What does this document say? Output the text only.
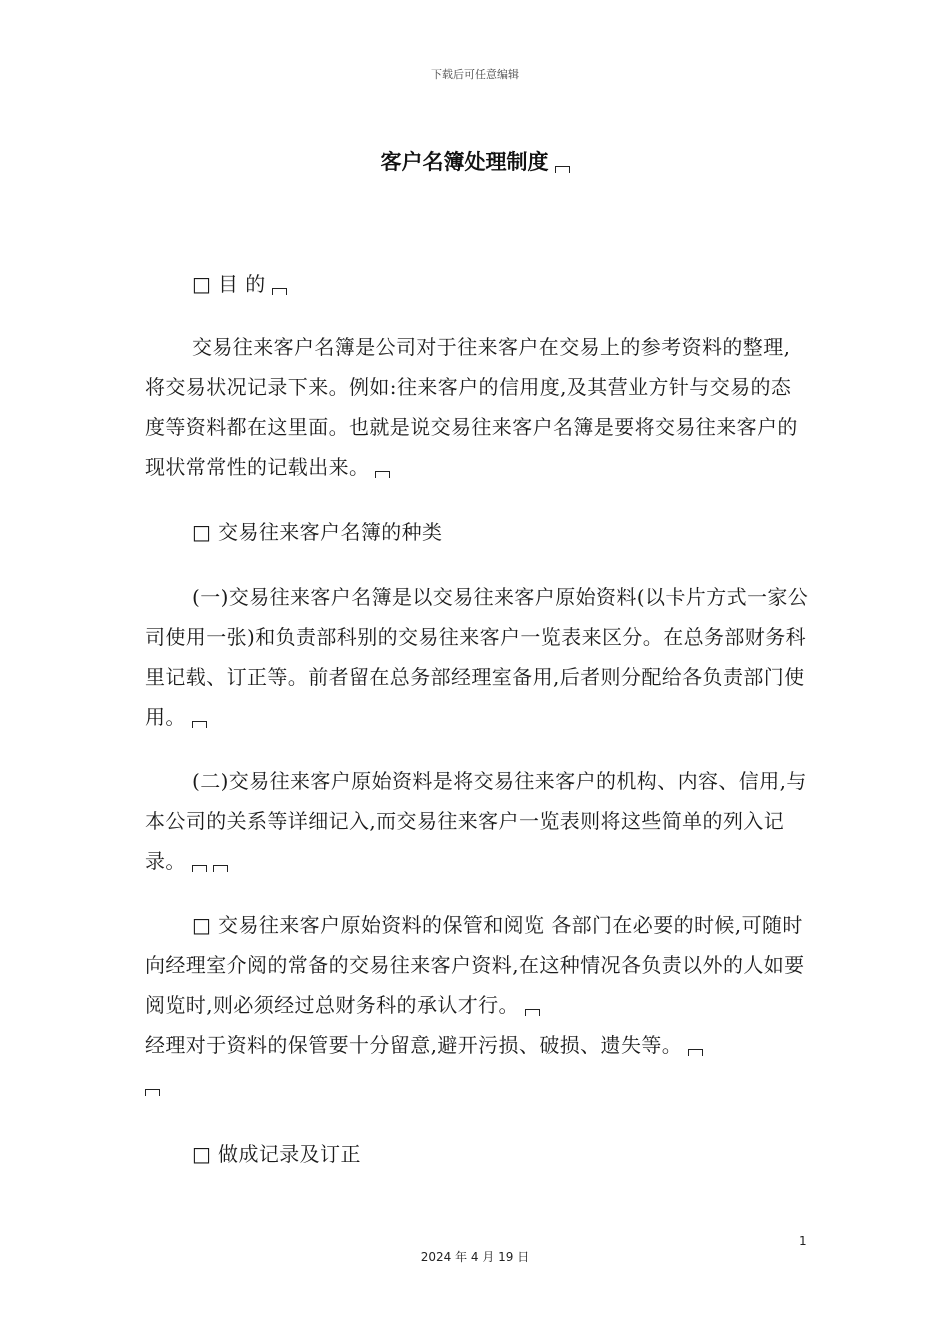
下载后可任意编辑
客户名簿处理制度

□ 目 的

交易往来客户名簿是公司对于往来客户在交易上的参考资料的整理,将交易状况记录下来。例如:往来客户的信用度,及其营业方针与交易的态度等资料都在这里面。也就是说交易往来客户名簿是要将交易往来客户的现状常常性的记载出来。

□ 交易往来客户名簿的种类

(一)交易往来客户名簿是以交易往来客户原始资料(以卡片方式一家公司使用一张)和负责部科别的交易往来客户一览表来区分。在总务部财务科里记载、订正等。前者留在总务部经理室备用,后者则分配给各负责部门使用。

(二)交易往来客户原始资料是将交易往来客户的机构、内容、信用,与本公司的关系等详细记入,而交易往来客户一览表则将这些简单的列入记录。

□ 交易往来客户原始资料的保管和阅览 各部门在必要的时候,可随时向经理室介阅的常备的交易往来客户资料,在这种情况各负责以外的人如要阅览时,则必须经过总财务科的承认才行。
经理对于资料的保管要十分留意,避开污损、破损、遗失等。

□ 做成记录及订正

1
2024 年 4 月 19 日
